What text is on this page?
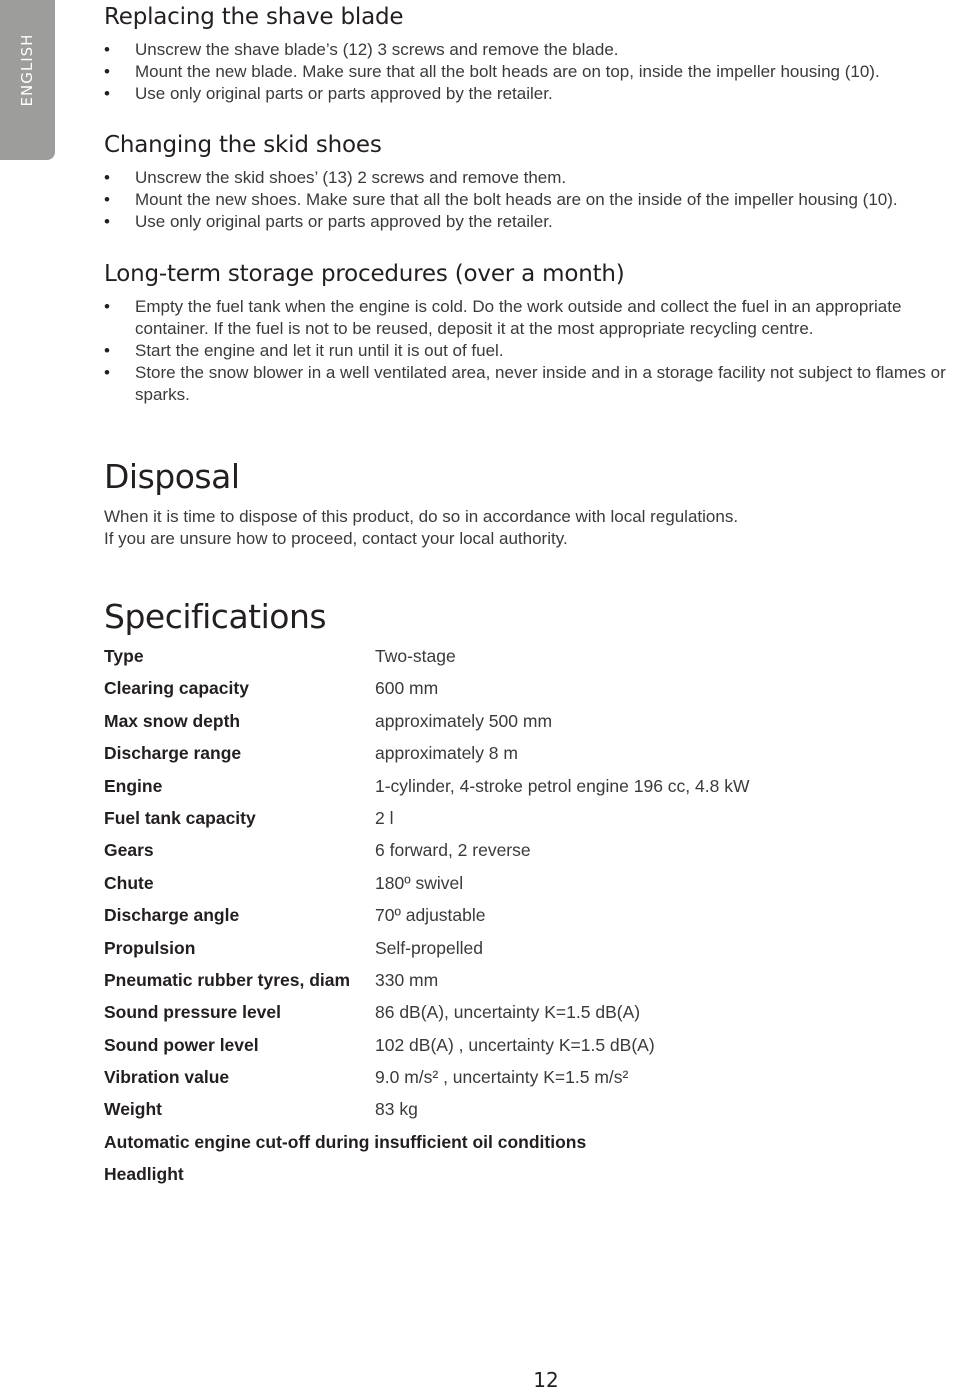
ENGLISH
Replacing the shave blade
• Unscrew the shave blade’s (12) 3 screws and remove the blade.
• Mount the new blade. Make sure that all the bolt heads are on top, inside the impeller housing (10).
• Use only original parts or parts approved by the retailer.
Changing the skid shoes
• Unscrew the skid shoes’ (13) 2 screws and remove them.
• Mount the new shoes. Make sure that all the bolt heads are on the inside of the impeller housing (10).
• Use only original parts or parts approved by the retailer.
Long-term storage procedures (over a month)
• Empty the fuel tank when the engine is cold. Do the work outside and collect the fuel in an appropriate container. If the fuel is not to be reused, deposit it at the most appropriate recycling centre.
• Start the engine and let it run until it is out of fuel.
• Store the snow blower in a well ventilated area, never inside and in a storage facility not subject to flames or sparks.
Disposal

When it is time to dispose of this product, do so in accordance with local regulations.

If you are unsure how to proceed, contact your local authority.

Specifications
Type	Two-stage
Clearing capacity	600 mm
Max snow depth	approximately 500 mm
Discharge range	approximately 8 m
Engine	1-cylinder, 4-stroke petrol engine 196 cc, 4.8 kW
Fuel tank capacity	2 l
Gears	6 forward, 2 reverse
Chute	180º swivel
Discharge angle	70º adjustable
Propulsion	Self-propelled
Pneumatic rubber tyres, diam 330 mm
Sound pressure level	86 dB(A), uncertainty K=1.5 dB(A)
Sound power level	102 dB(A) , uncertainty K=1.5 dB(A)
Vibration value	9.0 m/s² , uncertainty K=1.5 m/s²
Weight	83 kg
Automatic engine cut-off during insufficient oil conditions
Headlight
12
